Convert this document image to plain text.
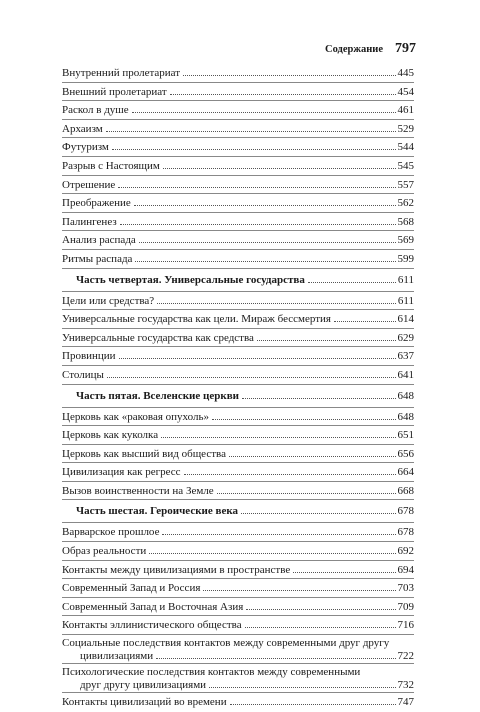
Содержание 797
Внутренний пролетариат	445
Внешний пролетариат	454
Раскол в душе	461
Архаизм	529
Футуризм	544
Разрыв с Настоящим	545
Отрешение	557
Преображение	562
Палингенез	568
Анализ распада	569
Ритмы распада	599
Часть четвертая. Универсальные государства	611
Цели или средства?	611
Универсальные государства как цели. Мираж бессмертия	614
Универсальные государства как средства	629
Провинции	637
Столицы	641
Часть пятая. Вселенские церкви	648
Церковь как «раковая опухоль»	648
Церковь как куколка	651
Церковь как высший вид общества	656
Цивилизация как регресс	664
Вызов воинственности на Земле	668
Часть шестая. Героические века	678
Варварское прошлое	678
Образ реальности	692
Контакты между цивилизациями в пространстве	694
Современный Запад и Россия	703
Современный Запад и Восточная Азия	709
Контакты эллинистического общества	716
Социальные последствия контактов между современными друг другу
цивилизациями	722
Психологические последствия контактов между современными
друг другу цивилизациями	732
Контакты цивилизаций во времени	747
